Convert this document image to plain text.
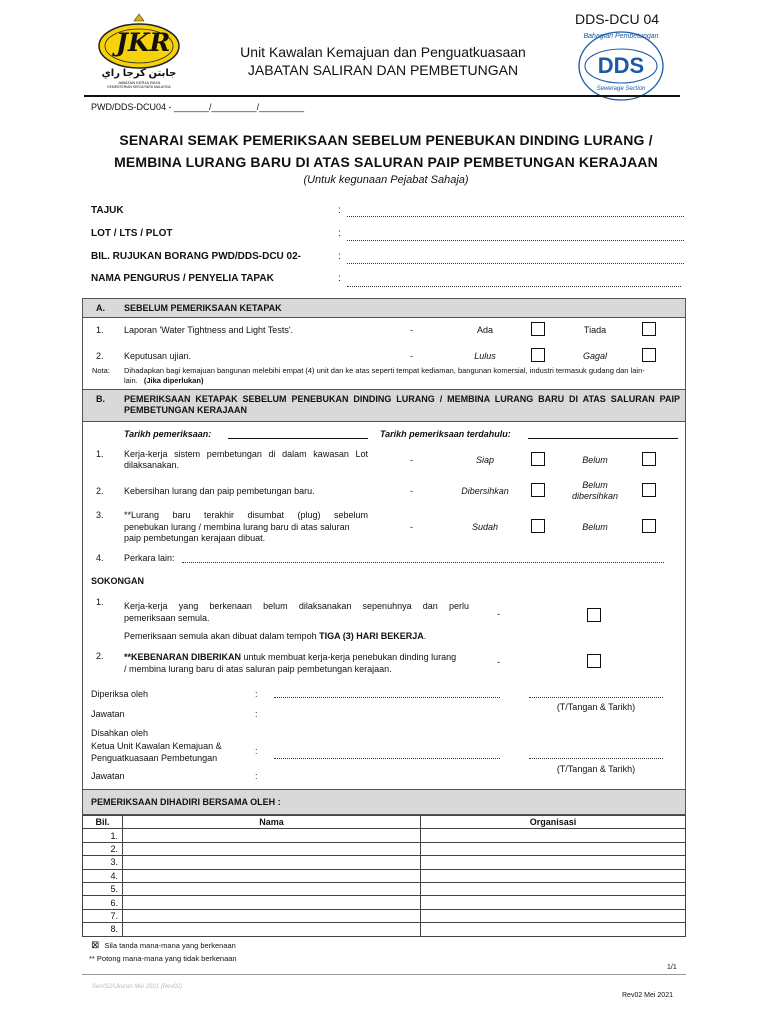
JKR
جابتن كرجا راي
JABATAN KERJA RAYA
KEMENTERIAN KERJA RAYA MALAYSIA
DDS-DCU 04
Unit Kawalan Kemajuan dan Penguatkuasaan
JABATAN SALIRAN DAN PEMBETUNGAN
Bahagian Pembetungan
DDS
Sewerage Section
PWD/DDS-DCU04 - _______/_________/_________
SENARAI SEMAK PEMERIKSAAN SEBELUM PENEBUKAN DINDING LURANG /
MEMBINA LURANG BARU DI ATAS SALURAN PAIP PEMBETUNGAN KERAJAAN
(Untuk kegunaan Pejabat Sahaja)
TAJUK	:
LOT / LTS / PLOT	:
BIL. RUJUKAN BORANG PWD/DDS-DCU 02-	:
NAMA PENGURUS / PENYELIA TAPAK	:
A. SEBELUM PEMERIKSAAN KETAPAK
1. Laporan 'Water Tightness and Light Tests'.	-	Ada	Tiada
2. Keputusan ujian.	-	Lulus	Gagal
Nota: Dihadapkan bagi kemajuan bangunan melebihi empat (4) unit dan ke atas seperti tempat kediaman, bangunan komersial, industri termasuk gudang dan lain-
lain. (Jika diperlukan)
B. PEMERIKSAAN KETAPAK SEBELUM PENEBUKAN DINDING LURANG / MEMBINA LURANG BARU DI ATAS SALURAN PAIP
PEMBETUNGAN KERAJAAN
Tarikh pemeriksaan:	Tarikh pemeriksaan terdahulu:
1. Kerja-kerja sistem pembetungan di dalam kawasan Lot
dilaksanakan.	-	Siap	Belum
2. Kebersihan lurang dan paip pembetungan baru.	-	Dibersihkan
Belum
dibersihkan
3. **Lurang baru terakhir disumbat (plug) sebelum
penebukan lurang / membina lurang baru di atas saluran
paip pembetungan kerajaan dibuat.
-	Sudah	Belum
4. Perkara lain:
SOKONGAN
1. Kerja-kerja yang berkenaan belum dilaksanakan sepenuhnya dan perlu
pemeriksaan semula.	-
Pemeriksaan semula akan dibuat dalam tempoh TIGA (3) HARI BEKERJA.
2. **KEBENARAN DIBERIKAN untuk membuat kerja-kerja penebukan dinding lurang
/ membina lurang baru di atas saluran paip pembetungan kerajaan.
-
Diperiksa oleh	:
(T/Tangan & Tarikh)
Jawatan	:
Disahkan oleh
Ketua Unit Kawalan Kemajuan &
Penguatkuasaan Pembetungan
:
(T/Tangan & Tarikh)
Jawatan	:
PEMERIKSAAN DIHADIRI BERSAMA OLEH :
Bil.	Nama	Organisasi
1.		
2.		
3.		
4.		
5.		
6.		
7.		
8.		
⊠ Sila tanda mana-mana yang berkenaan
** Potong mana-mana yang tidak berkenaan
1/1
Sen/S2/Ukuran Mei 2021 (Rev02)
Rev02 Mei 2021
